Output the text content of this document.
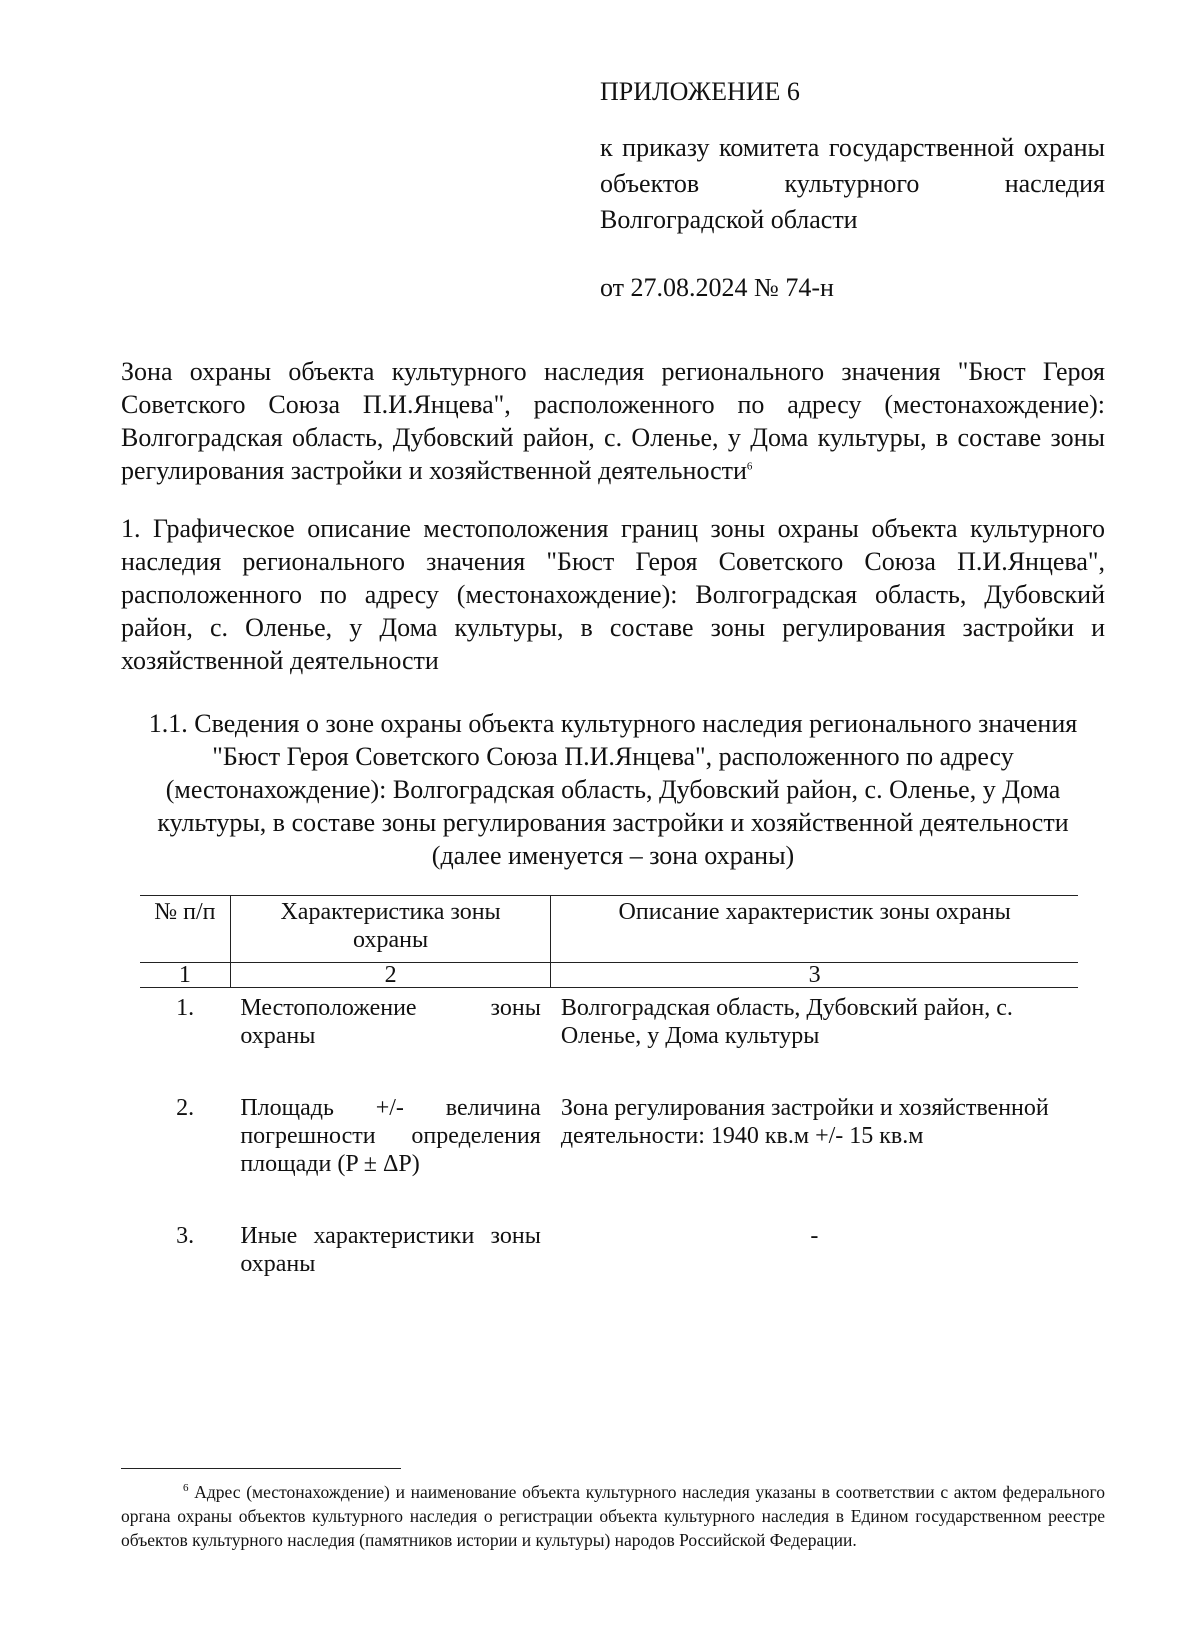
ПРИЛОЖЕНИЕ 6
к приказу комитета государственной охраны объектов культурного наследия Волгоградской области
от 27.08.2024 № 74-н
Зона охраны объекта культурного наследия регионального значения "Бюст Героя Советского Союза П.И.Янцева", расположенного по адресу (местонахождение): Волгоградская область, Дубовский район, с. Оленье, у Дома культуры, в составе зоны регулирования застройки и хозяйственной деятельности$^6$
1. Графическое описание местоположения границ зоны охраны объекта культурного наследия регионального значения "Бюст Героя Советского Союза П.И.Янцева", расположенного по адресу (местонахождение): Волгоградская область, Дубовский район, с. Оленье, у Дома культуры, в составе зоны регулирования застройки и хозяйственной деятельности
1.1. Сведения о зоне охраны объекта культурного наследия регионального значения "Бюст Героя Советского Союза П.И.Янцева", расположенного по адресу (местонахождение): Волгоградская область, Дубовский район, с. Оленье, у Дома культуры, в составе зоны регулирования застройки и хозяйственной деятельности (далее именуется – зона охраны)
№ п/п	Характеристика зоны охраны	Описание характеристик зоны охраны
1	2	3
1.	Местоположение зоны охраны	Волгоградская область, Дубовский район, с. Оленье, у Дома культуры
2.	Площадь +/- величина погрешности определения площади (P ± ΔP)	Зона регулирования застройки и хозяйственной деятельности: 1940 кв.м +/- 15 кв.м
3.	Иные характеристики зоны охраны	-
$^6$ Адрес (местонахождение) и наименование объекта культурного наследия указаны в соответствии с актом федерального органа охраны объектов культурного наследия о регистрации объекта культурного наследия в Едином государственном реестре объектов культурного наследия (памятников истории и культуры) народов Российской Федерации.
